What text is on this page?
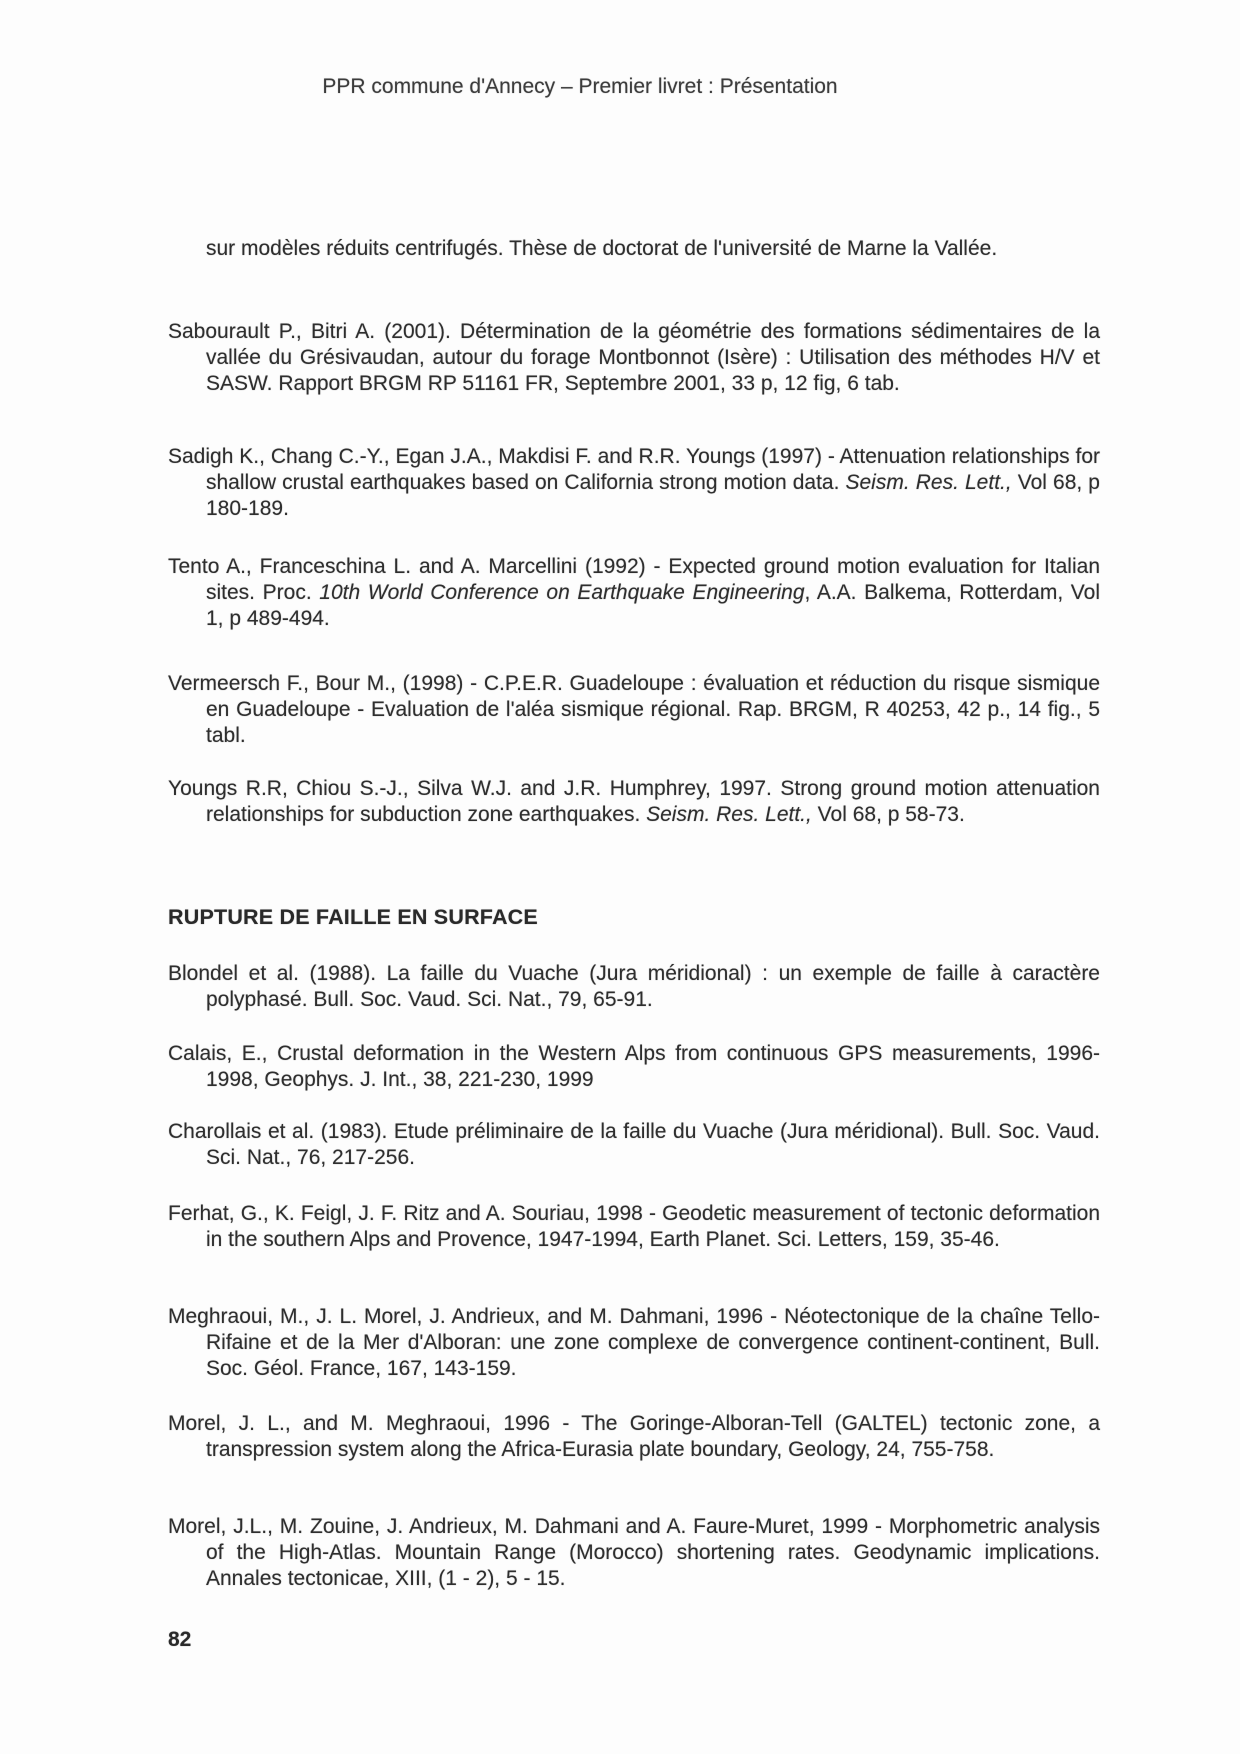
PPR commune d'Annecy – Premier livret : Présentation

sur modèles réduits centrifugés. Thèse de doctorat de l'université de Marne la Vallée.

Sabourault P., Bitri A. (2001). Détermination de la géométrie des formations sédimentaires de la vallée du Grésivaudan, autour du forage Montbonnot (Isère) : Utilisation des méthodes H/V et SASW. Rapport BRGM RP 51161 FR, Septembre 2001, 33 p, 12 fig, 6 tab.

Sadigh K., Chang C.-Y., Egan J.A., Makdisi F. and R.R. Youngs (1997) - Attenuation relationships for shallow crustal earthquakes based on California strong motion data. Seism. Res. Lett., Vol 68, p 180-189.

Tento A., Franceschina L. and A. Marcellini (1992) - Expected ground motion evaluation for Italian sites. Proc. 10th World Conference on Earthquake Engineering, A.A. Balkema, Rotterdam, Vol 1, p 489-494.

Vermeersch F., Bour M., (1998) - C.P.E.R. Guadeloupe : évaluation et réduction du risque sismique en Guadeloupe - Evaluation de l'aléa sismique régional. Rap. BRGM, R 40253, 42 p., 14 fig., 5 tabl.

Youngs R.R, Chiou S.-J., Silva W.J. and J.R. Humphrey, 1997. Strong ground motion attenuation relationships for subduction zone earthquakes. Seism. Res. Lett., Vol 68, p 58-73.

RUPTURE DE FAILLE EN SURFACE

Blondel et al. (1988). La faille du Vuache (Jura méridional) : un exemple de faille à caractère polyphasé. Bull. Soc. Vaud. Sci. Nat., 79, 65-91.

Calais, E., Crustal deformation in the Western Alps from continuous GPS measurements, 1996-1998, Geophys. J. Int., 38, 221-230, 1999

Charollais et al. (1983). Etude préliminaire de la faille du Vuache (Jura méridional). Bull. Soc. Vaud. Sci. Nat., 76, 217-256.

Ferhat, G., K. Feigl, J. F. Ritz and A. Souriau, 1998 - Geodetic measurement of tectonic deformation in the southern Alps and Provence, 1947-1994, Earth Planet. Sci. Letters, 159, 35-46.

Meghraoui, M., J. L. Morel, J. Andrieux, and M. Dahmani, 1996 - Néotectonique de la chaîne Tello-Rifaine et de la Mer d'Alboran: une zone complexe de convergence continent-continent, Bull. Soc. Géol. France, 167, 143-159.

Morel, J. L., and M. Meghraoui, 1996 - The Goringe-Alboran-Tell (GALTEL) tectonic zone, a transpression system along the Africa-Eurasia plate boundary, Geology, 24, 755-758.

Morel, J.L., M. Zouine, J. Andrieux, M. Dahmani and A. Faure-Muret, 1999 - Morphometric analysis of the High-Atlas. Mountain Range (Morocco) shortening rates. Geodynamic implications. Annales tectonicae, XIII, (1 - 2), 5 - 15.

82
